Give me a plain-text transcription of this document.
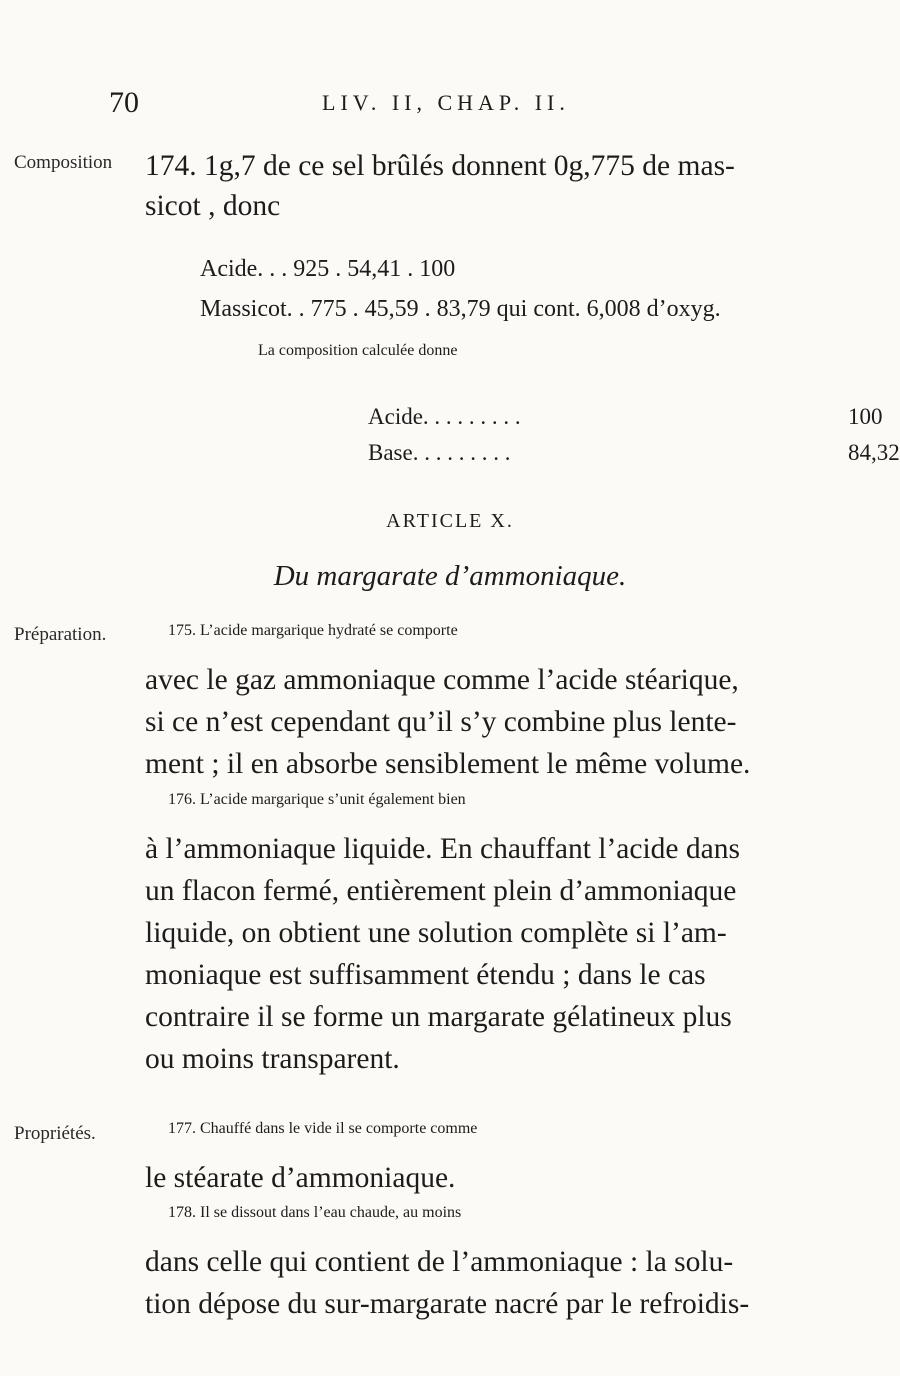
70	LIV. II, CHAP. II.
Composition
Préparation.
Propriétés.
174. 1g,7 de ce sel brûlés donnent 0g,775 de mas-
sicot , donc
Acide. . . 925 . 54,41 . 100
Massicot. . 775 . 45,59 . 83,79 qui cont. 6,008 d’oxyg.
La composition calculée donne
Acide. . . . . . . . .	100
Base. . . . . . . . .	84,32
ARTICLE X.
Du margarate d’ammoniaque.
175. L’acide margarique hydraté se comporte
avec le gaz ammoniaque comme l’acide stéarique,
si ce n’est cependant qu’il s’y combine plus lente-
ment ; il en absorbe sensiblement le même volume.
176. L’acide margarique s’unit également bien
à l’ammoniaque liquide. En chauffant l’acide dans
un flacon fermé, entièrement plein d’ammoniaque
liquide, on obtient une solution complète si l’am-
moniaque est suffisamment étendu ; dans le cas
contraire il se forme un margarate gélatineux plus
ou moins transparent.
177. Chauffé dans le vide il se comporte comme
le stéarate d’ammoniaque.
178. Il se dissout dans l’eau chaude, au moins
dans celle qui contient de l’ammoniaque : la solu-
tion dépose du sur-margarate nacré par le refroidis-
